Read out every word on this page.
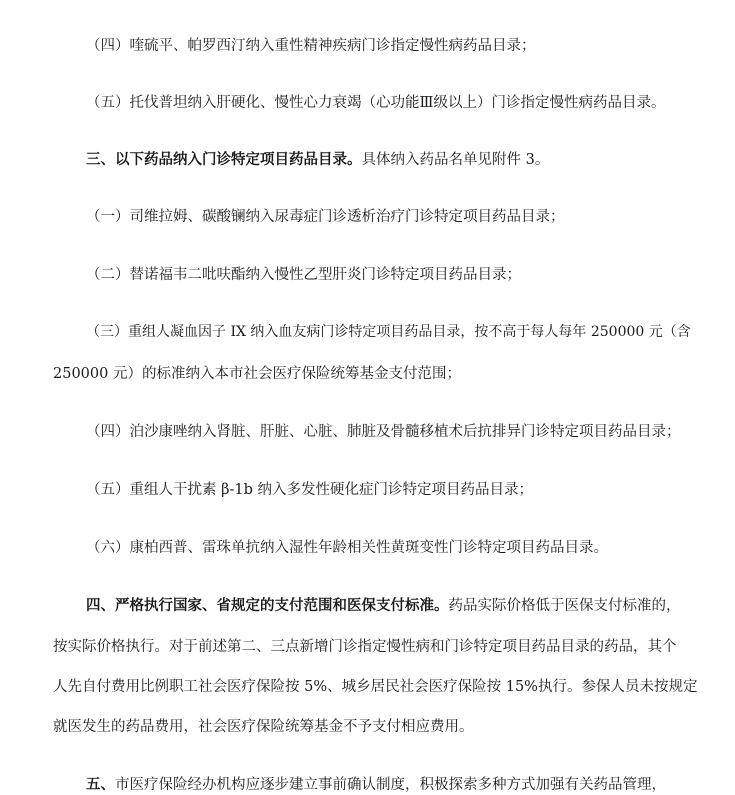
（四）喹硫平、帕罗西汀纳入重性精神疾病门诊指定慢性病药品目录；
（五）托伐普坦纳入肝硬化、慢性心力衰竭（心功能Ⅲ级以上）门诊指定慢性病药品目录。
三、以下药品纳入门诊特定项目药品目录。具体纳入药品名单见附件 3。
（一）司维拉姆、碳酸镧纳入尿毒症门诊透析治疗门诊特定项目药品目录；
（二）替诺福韦二吡呋酯纳入慢性乙型肝炎门诊特定项目药品目录；
（三）重组人凝血因子 IX 纳入血友病门诊特定项目药品目录，按不高于每人每年 250000 元（含
250000 元）的标准纳入本市社会医疗保险统筹基金支付范围；
（四）泊沙康唑纳入肾脏、肝脏、心脏、肺脏及骨髓移植术后抗排异门诊特定项目药品目录；
（五）重组人干扰素 β-1b 纳入多发性硬化症门诊特定项目药品目录；
（六）康柏西普、雷珠单抗纳入湿性年龄相关性黄斑变性门诊特定项目药品目录。
四、严格执行国家、省规定的支付范围和医保支付标准。药品实际价格低于医保支付标准的，
按实际价格执行。对于前述第二、三点新增门诊指定慢性病和门诊特定项目药品目录的药品，其个
人先自付费用比例职工社会医疗保险按 5%、城乡居民社会医疗保险按 15%执行。参保人员未按规定
就医发生的药品费用，社会医疗保险统筹基金不予支付相应费用。
五、市医疗保险经办机构应逐步建立事前确认制度，积极探索多种方式加强有关药品管理，
